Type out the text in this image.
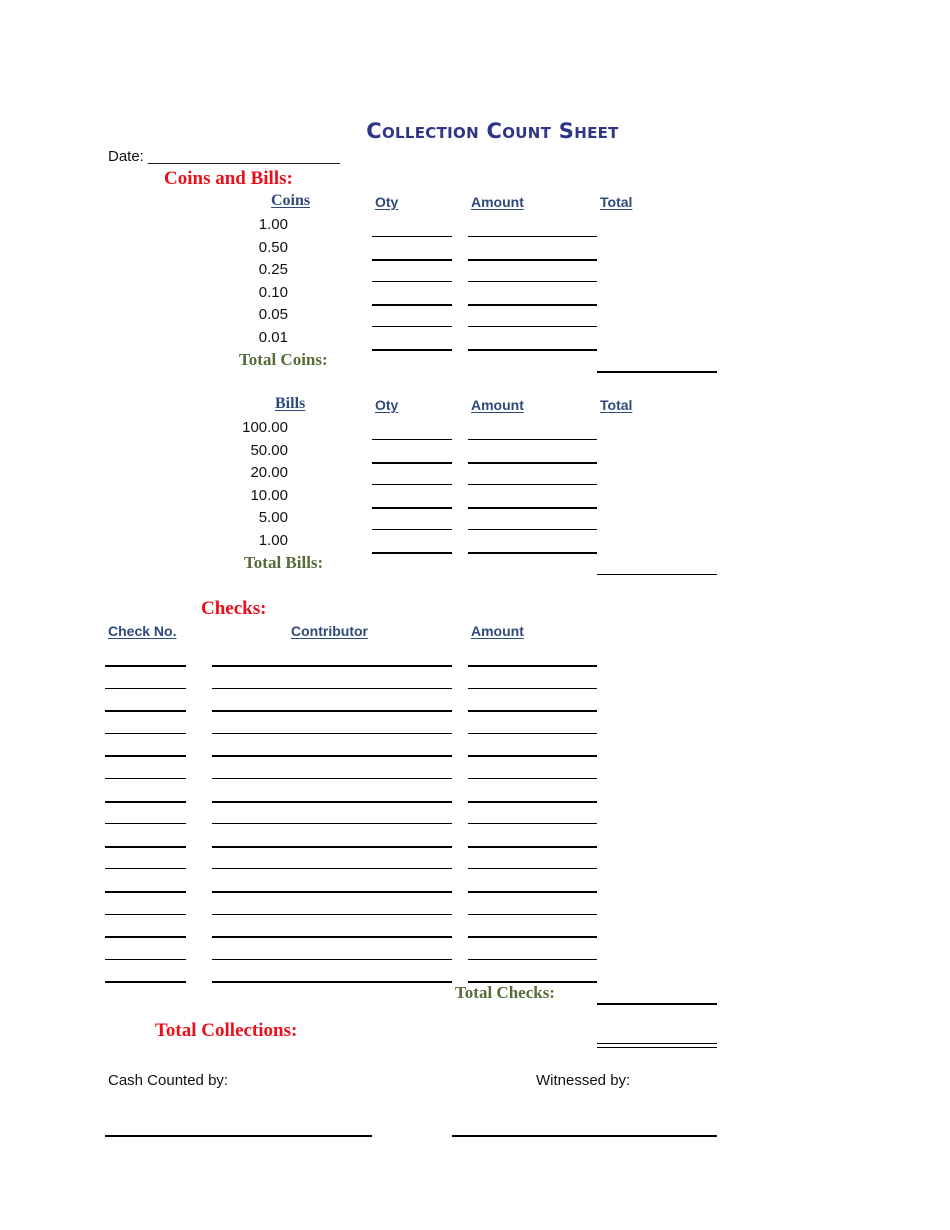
Collection Count Sheet
Date: _______________________
Coins and Bills:
Coins	Oty	Amount	Total
1.00
0.50
0.25
0.10
0.05
0.01
Total Coins:
Bills	Oty	Amount	Total
100.00
50.00
20.00
10.00
5.00
1.00
Total Bills:
Checks:
Check No.	Contributor	Amount
Total Checks:
Total Collections:
Cash Counted by:	Witnessed by:
